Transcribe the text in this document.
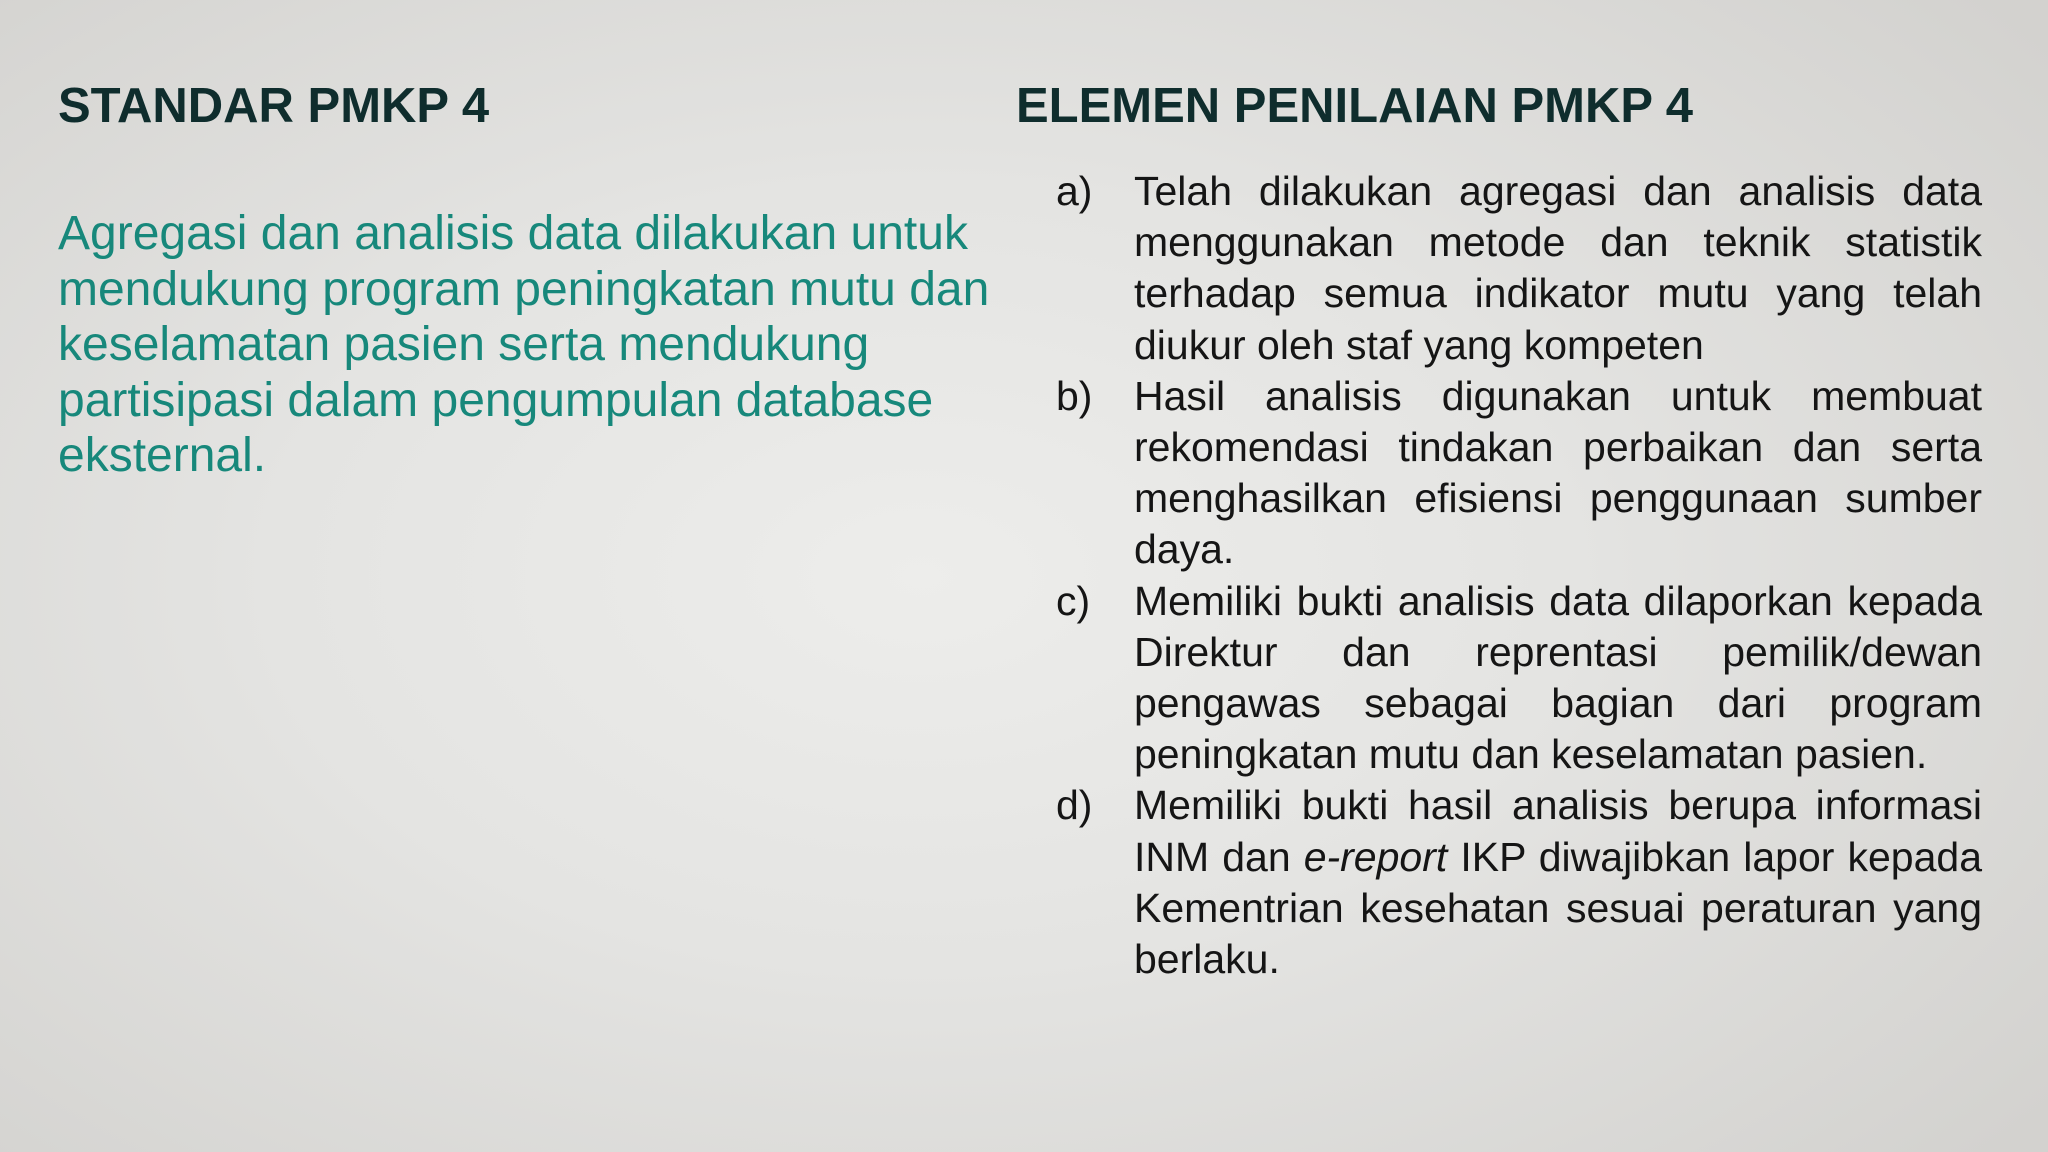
STANDAR PMKP 4

Agregasi dan analisis data dilakukan untuk mendukung program peningkatan mutu dan keselamatan pasien serta mendukung partisipasi dalam pengumpulan database eksternal.

ELEMEN PENILAIAN PMKP 4
a)	Telah dilakukan agregasi dan analisis data menggunakan metode dan teknik statistik terhadap semua indikator mutu yang telah diukur oleh staf yang kompeten
b)	Hasil analisis digunakan untuk membuat rekomendasi tindakan perbaikan dan serta menghasilkan efisiensi penggunaan sumber daya.
c)	Memiliki bukti analisis data dilaporkan kepada Direktur dan reprentasi pemilik/dewan pengawas sebagai bagian dari program peningkatan mutu dan keselamatan pasien.
d)	Memiliki bukti hasil analisis berupa informasi INM dan e-report IKP diwajibkan lapor kepada Kementrian kesehatan sesuai peraturan yang berlaku.
